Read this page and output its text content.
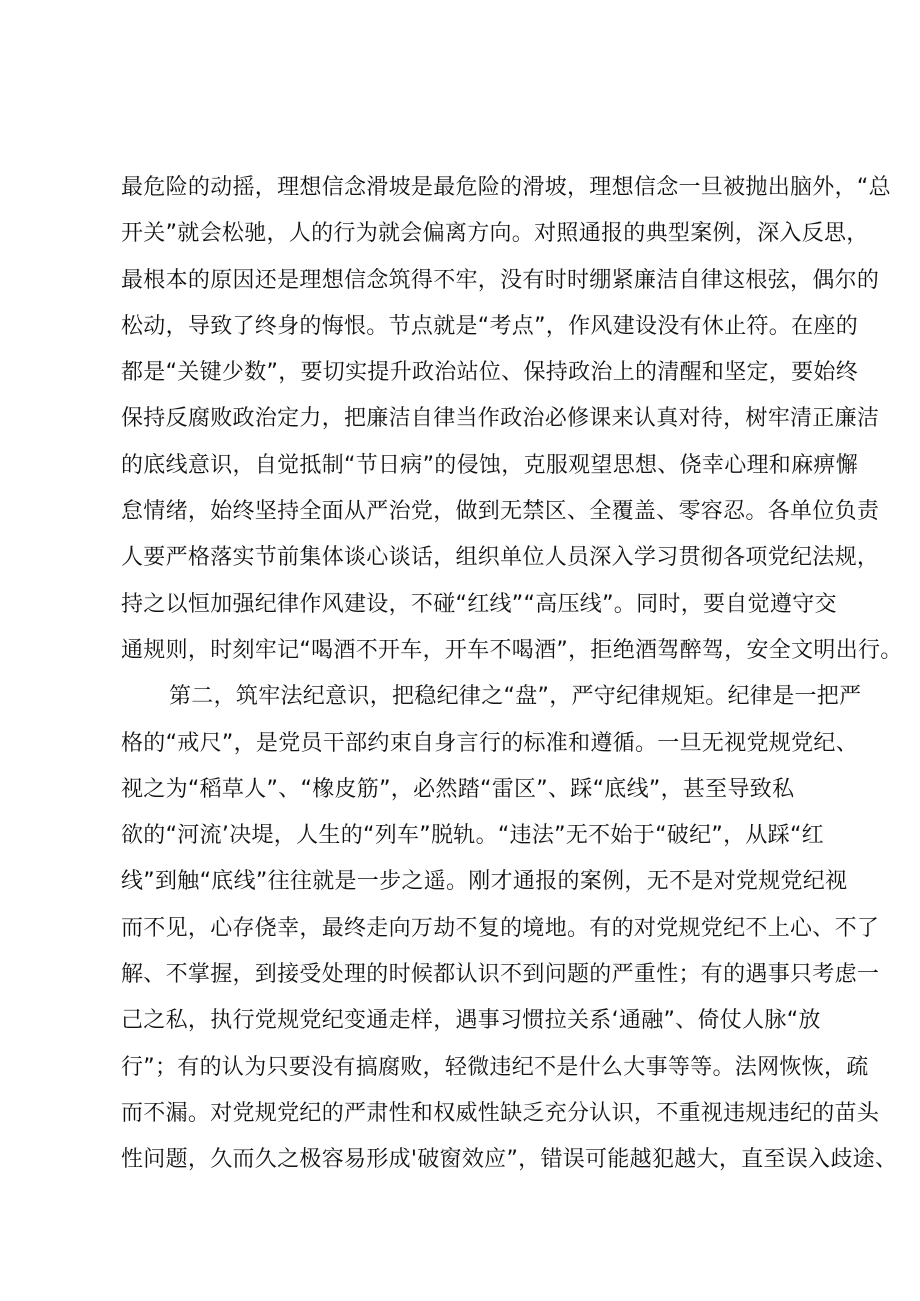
最危险的动摇，理想信念滑坡是最危险的滑坡，理想信念一旦被抛出脑外，“总
开关”就会松驰，人的行为就会偏离方向。对照通报的典型案例，深入反思，
最根本的原因还是理想信念筑得不牢，没有时时绷紧廉洁自律这根弦，偶尔的
松动，导致了终身的悔恨。节点就是“考点”，作风建设没有休止符。在座的
都是“关键少数”，要切实提升政治站位、保持政治上的清醒和坚定，要始终
保持反腐败政治定力，把廉洁自律当作政治必修课来认真对待，树牢清正廉洁
的底线意识，自觉抵制“节日病”的侵蚀，克服观望思想、侥幸心理和麻痹懈
怠情绪，始终坚持全面从严治党，做到无禁区、全覆盖、零容忍。各单位负责
人要严格落实节前集体谈心谈话，组织单位人员深入学习贯彻各项党纪法规，
持之以恒加强纪律作风建设，不碰“红线”“高压线”。同时，要自觉遵守交
通规则，时刻牢记“喝酒不开车，开车不喝酒”，拒绝酒驾醉驾，安全文明出行。
第二，筑牢法纪意识，把稳纪律之“盘”，严守纪律规矩。纪律是一把严
格的“戒尺”，是党员干部约束自身言行的标准和遵循。一旦无视党规党纪、
视之为“稻草人”、“橡皮筋”，必然踏“雷区”、踩“底线”，甚至导致私
欲的“河流’决堤，人生的“列车”脱轨。“违法”无不始于“破纪”，从踩“红
线”到触“底线”往往就是一步之遥。刚才通报的案例，无不是对党规党纪视
而不见，心存侥幸，最终走向万劫不复的境地。有的对党规党纪不上心、不了
解、不掌握，到接受处理的时候都认识不到问题的严重性；有的遇事只考虑一
己之私，执行党规党纪变通走样，遇事习惯拉关系‘通融”、倚仗人脉“放
行”；有的认为只要没有搞腐败，轻微违纪不是什么大事等等。法网恢恢，疏
而不漏。对党规党纪的严肃性和权威性缺乏充分认识，不重视违规违纪的苗头
性问题，久而久之极容易形成'破窗效应”，错误可能越犯越大，直至误入歧途、
